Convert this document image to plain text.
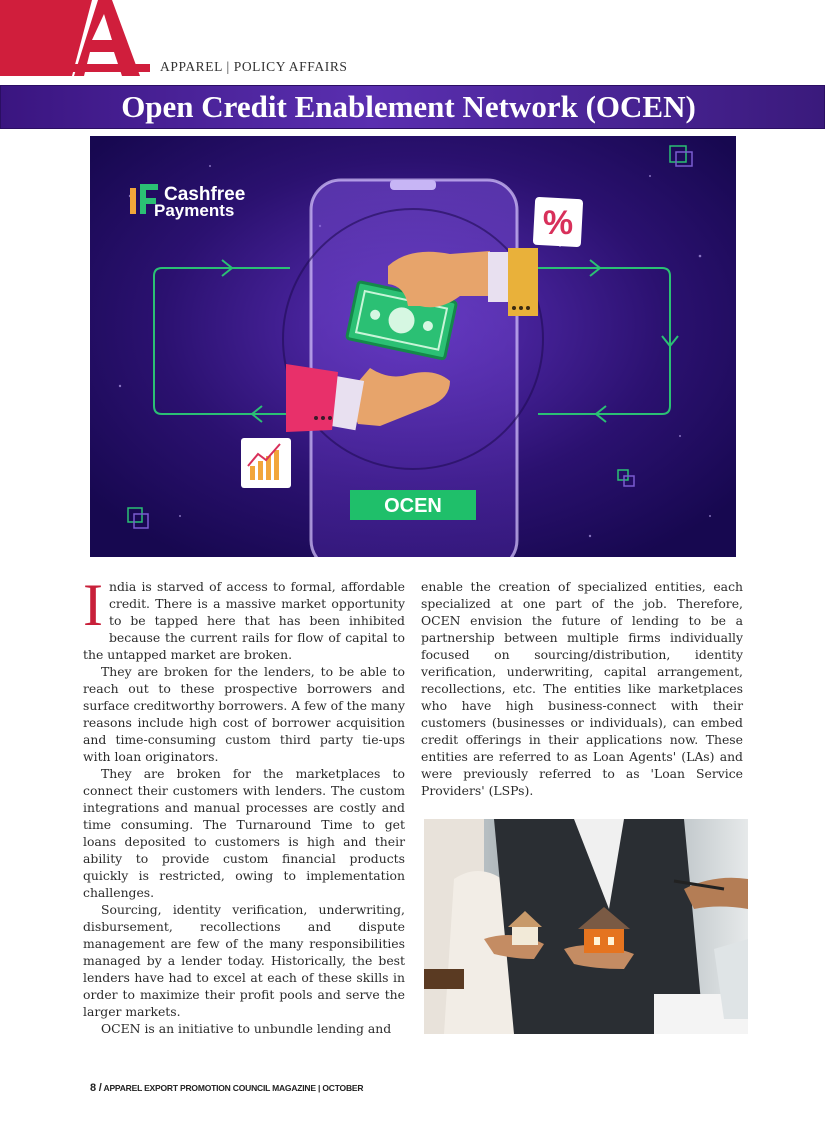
APPAREL | POLICY AFFAIRS
Open Credit Enablement Network (OCEN)
Cashfree
Payments	%
OCEN

India is starved of access to formal, affordable credit. There is a massive market opportunity to be tapped here that has been inhibited because the current rails for flow of capital to the untapped market are broken.

They are broken for the lenders, to be able to reach out to these prospective borrowers and surface creditworthy borrowers. A few of the many reasons include high cost of borrower acquisition and time-consuming custom third party tie-ups with loan originators.

They are broken for the marketplaces to connect their customers with lenders. The custom integrations and manual processes are costly and time consuming. The Turnaround Time to get loans deposited to customers is high and their ability to provide custom financial products quickly is restricted, owing to implementation challenges.

Sourcing, identity verification, underwriting, disbursement, recollections and dispute management are few of the many responsibilities managed by a lender today. Historically, the best lenders have had to excel at each of these skills in order to maximize their profit pools and serve the larger markets.

OCEN is an initiative to unbundle lending and

enable the creation of specialized entities, each specialized at one part of the job. Therefore, OCEN envision the future of lending to be a partnership between multiple firms individually focused on sourcing/distribution, identity verification, underwriting, capital arrangement, recollections, etc. The entities like marketplaces who have high business-connect with their customers (businesses or individuals), can embed credit offerings in their applications now. These entities are referred to as Loan Agents' (LAs) and were previously referred to as 'Loan Service Providers' (LSPs).

8 / APPAREL EXPORT PROMOTION COUNCIL MAGAZINE | OCTOBER
